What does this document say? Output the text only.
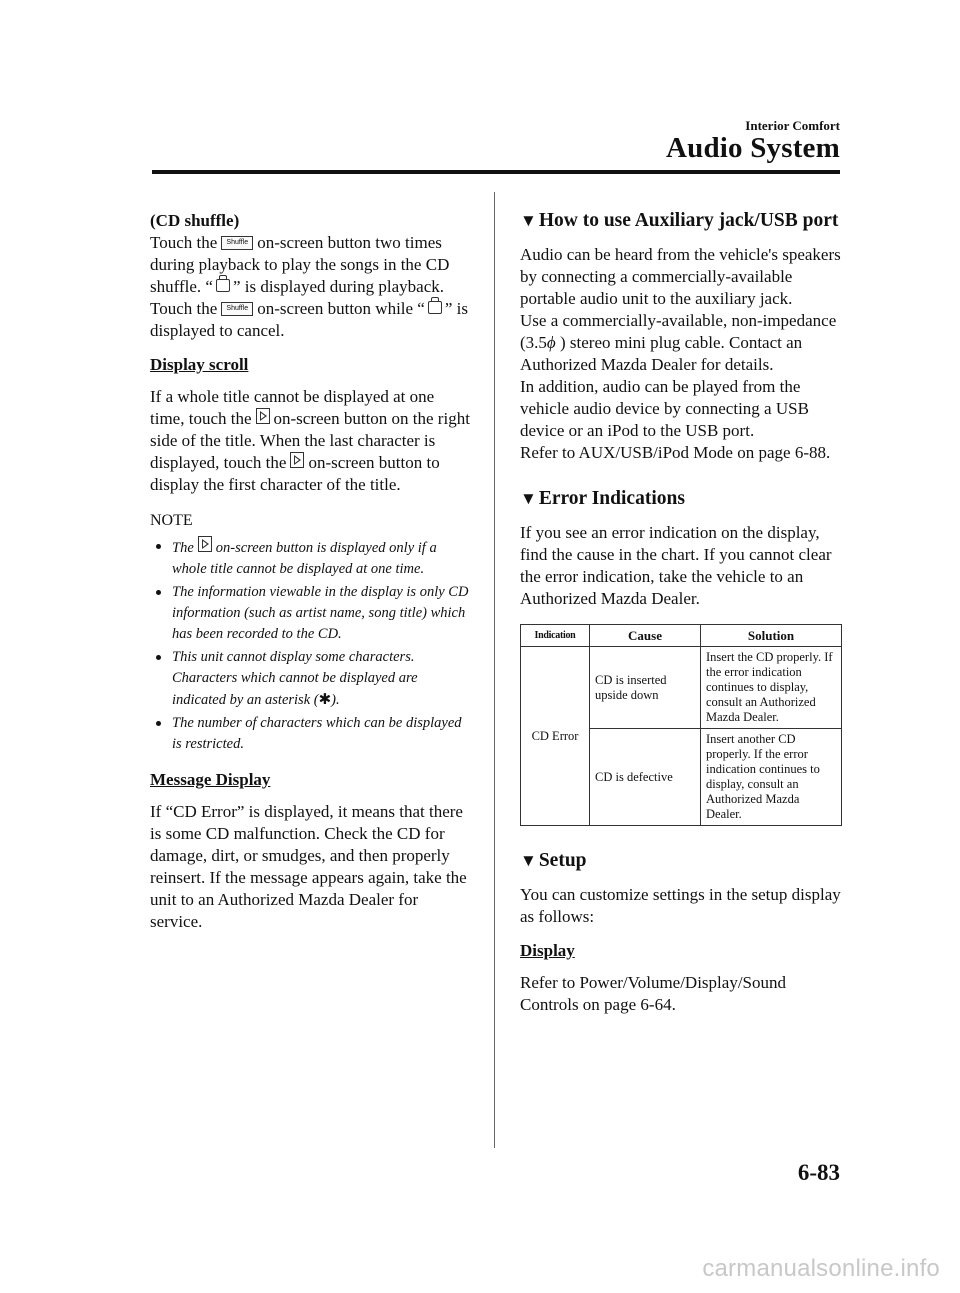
Interior Comfort
Audio System

(CD shuffle)

Touch the Shuffle on-screen button two times during playback to play the songs in the CD shuffle. “ ” is displayed during playback.

Touch the Shuffle on-screen button while “ ” is displayed to cancel.

Display scroll

If a whole title cannot be displayed at one time, touch the on-screen button on the right side of the title. When the last character is displayed, touch the on-screen button to display the first character of the title.

NOTE

The on-screen button is displayed only if a whole title cannot be displayed at one time.
The information viewable in the display is only CD information (such as artist name, song title) which has been recorded to the CD.
This unit cannot display some characters. Characters which cannot be displayed are indicated by an asterisk (✱).
The number of characters which can be displayed is restricted.

Message Display

If “CD Error” is displayed, it means that there is some CD malfunction. Check the CD for damage, dirt, or smudges, and then properly reinsert. If the message appears again, take the unit to an Authorized Mazda Dealer for service.

▼ How to use Auxiliary jack/USB port

Audio can be heard from the vehicle's speakers by connecting a commercially-available portable audio unit to the auxiliary jack.

Use a commercially-available, non-impedance (3.5ϕ ) stereo mini plug cable. Contact an Authorized Mazda Dealer for details.

In addition, audio can be played from the vehicle audio device by connecting a USB device or an iPod to the USB port.

Refer to AUX/USB/iPod Mode on page 6-88.

▼ Error Indications

If you see an error indication on the display, find the cause in the chart. If you cannot clear the error indication, take the vehicle to an Authorized Mazda Dealer.

Indication	Cause	Solution
CD Error	CD is inserted upside down	Insert the CD properly. If the error indication continues to display, consult an Authorized Mazda Dealer.
	CD is defective	Insert another CD properly. If the error indication continues to display, consult an Authorized Mazda Dealer.

▼ Setup

You can customize settings in the setup display as follows:

Display

Refer to Power/Volume/Display/Sound Controls on page 6-64.

6-83
carmanualsonline.info
